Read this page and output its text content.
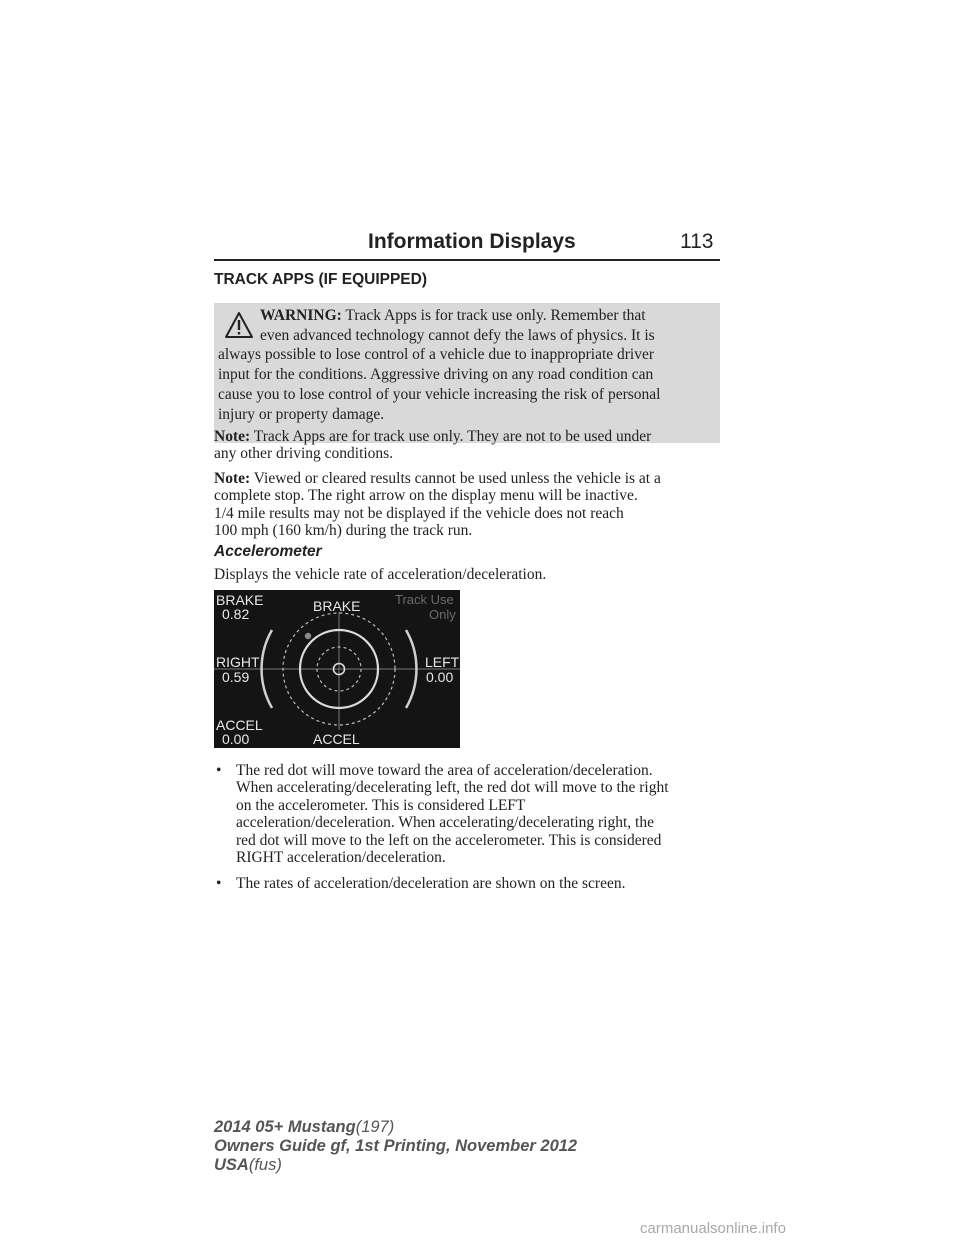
Information Displays	113
TRACK APPS (IF EQUIPPED)
WARNING: Track Apps is for track use only. Remember that
even advanced technology cannot defy the laws of physics. It is
always possible to lose control of a vehicle due to inappropriate driver
input for the conditions. Aggressive driving on any road condition can
cause you to lose control of your vehicle increasing the risk of personal
injury or property damage.
Note: Track Apps are for track use only. They are not to be used under
any other driving conditions.
Note: Viewed or cleared results cannot be used unless the vehicle is at a
complete stop. The right arrow on the display menu will be inactive.
1/4 mile results may not be displayed if the vehicle does not reach
100 mph (160 km/h) during the track run.
Accelerometer
Displays the vehicle rate of acceleration/deceleration.
BRAKE
0.82	BRAKE	Track Use
Only
RIGHT
0.59
LEFT
0.00
ACCEL
0.00	ACCEL
• The red dot will move toward the area of acceleration/deceleration.
When accelerating/decelerating left, the red dot will move to the right
on the accelerometer. This is considered LEFT
acceleration/deceleration. When accelerating/decelerating right, the
red dot will move to the left on the accelerometer. This is considered
RIGHT acceleration/deceleration.
• The rates of acceleration/deceleration are shown on the screen.
2014 05+ Mustang(197)
Owners Guide gf, 1st Printing, November 2012
USA(fus)
carmanualsonline.info
